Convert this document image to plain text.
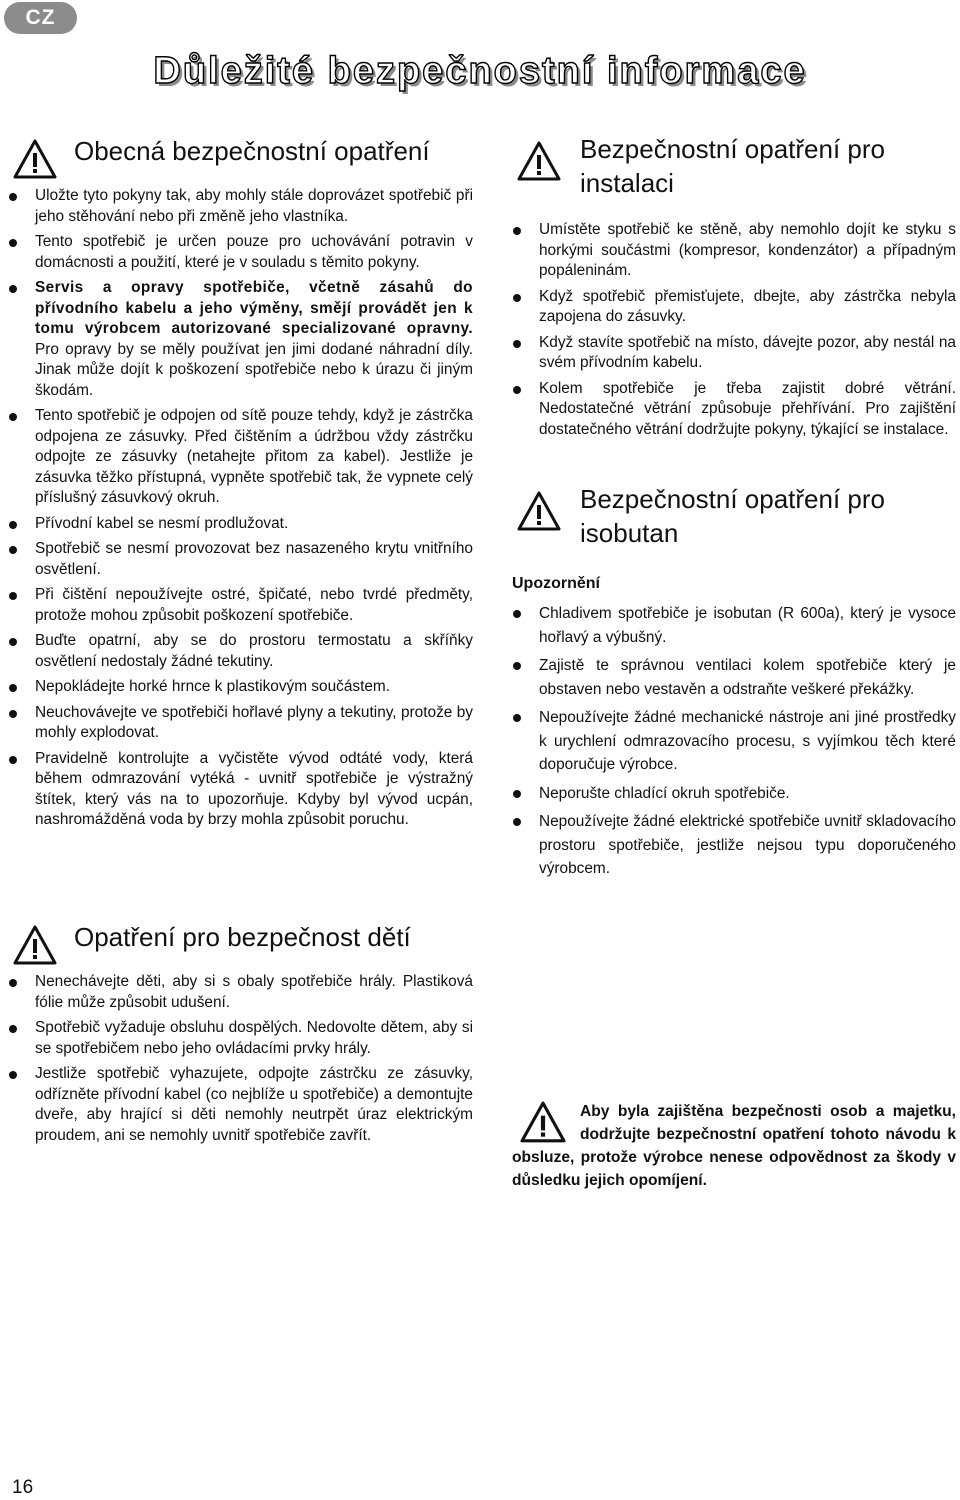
CZ
Důležité bezpečnostní informace
Obecná bezpečnostní opatření
Uložte tyto pokyny tak, aby mohly stále doprovázet spotřebič při jeho stěhování nebo při změně jeho vlastníka.
Tento spotřebič je určen pouze pro uchovávání potravin v domácnosti a použití, které je v souladu s těmito pokyny.
Servis a opravy spotřebiče, včetně zásahů do přívodního kabelu a jeho výměny, smějí provádět jen k tomu výrobcem autorizované specializované opravny. Pro opravy by se měly používat jen jimi dodané náhradní díly. Jinak může dojít k poškození spotřebiče nebo k úrazu či jiným škodám.
Tento spotřebič je odpojen od sítě pouze tehdy, když je zástrčka odpojena ze zásuvky. Před čištěním a údržbou vždy zástrčku odpojte ze zásuvky (netahejte přitom za kabel). Jestliže je zásuvka těžko přístupná, vypněte spotřebič tak, že vypnete celý příslušný zásuvkový okruh.
Přívodní kabel se nesmí prodlužovat.
Spotřebič se nesmí provozovat bez nasazeného krytu vnitřního osvětlení.
Při čištění nepoužívejte ostré, špičaté, nebo tvrdé předměty, protože mohou způsobit poškození spotřebiče.
Buďte opatrní, aby se do prostoru termostatu a skříňky osvětlení nedostaly žádné tekutiny.
Nepokládejte horké hrnce k plastikovým součástem.
Neuchovávejte ve spotřebiči hořlavé plyny a tekutiny, protože by mohly explodovat.
Pravidelně kontrolujte a vyčistěte vývod odtáté vody, která během odmrazování vytéká - uvnitř spotřebiče je výstražný štítek, který vás na to upozorňuje. Kdyby byl vývod ucpán, nashromážděná voda by brzy mohla způsobit poruchu.
Opatření pro bezpečnost dětí
Nenechávejte děti, aby si s obaly spotřebiče hrály. Plastiková fólie může způsobit udušení.
Spotřebič vyžaduje obsluhu dospělých. Nedovolte dětem, aby si se spotřebičem nebo jeho ovládacími prvky hrály.
Jestliže spotřebič vyhazujete, odpojte zástrčku ze zásuvky, odřízněte přívodní kabel (co nejblíže u spotřebiče) a demontujte dveře, aby hrající si děti nemohly neutrpět úraz elektrickým proudem, ani se nemohly uvnitř spotřebiče zavřít.
Bezpečnostní opatření pro
instalaci
Umístěte spotřebič ke stěně, aby nemohlo dojít ke styku s horkými součástmi (kompresor, kondenzátor) a případným popáleninám.
Když spotřebič přemisťujete, dbejte, aby zástrčka nebyla zapojena do zásuvky.
Když stavíte spotřebič na místo, dávejte pozor, aby nestál na svém přívodním kabelu.
Kolem spotřebiče je třeba zajistit dobré větrání. Nedostatečné větrání způsobuje přehřívání. Pro zajištění dostatečného větrání dodržujte pokyny, týkající se instalace.
Bezpečnostní opatření pro
isobutan
Upozornění
Chladivem spotřebiče je isobutan (R 600a), který je vysoce hořlavý a výbušný.
Zajistě te správnou ventilaci kolem spotřebiče který je obstaven nebo vestavěn a odstraňte veškeré překážky.
Nepoužívejte žádné mechanické nástroje ani jiné prostředky k urychlení odmrazovacího procesu, s vyjímkou těch které doporučuje výrobce.
Neporušte chladící okruh spotřebiče.
Nepoužívejte žádné elektrické spotřebiče uvnitř skladovacího prostoru spotřebiče, jestliže nejsou typu doporučeného výrobcem.
Aby byla zajištěna bezpečnosti osob a majetku, dodržujte bezpečnostní opatření tohoto návodu k obsluze, protože výrobce nenese odpovědnost za škody v důsledku jejich opomíjení.
16
